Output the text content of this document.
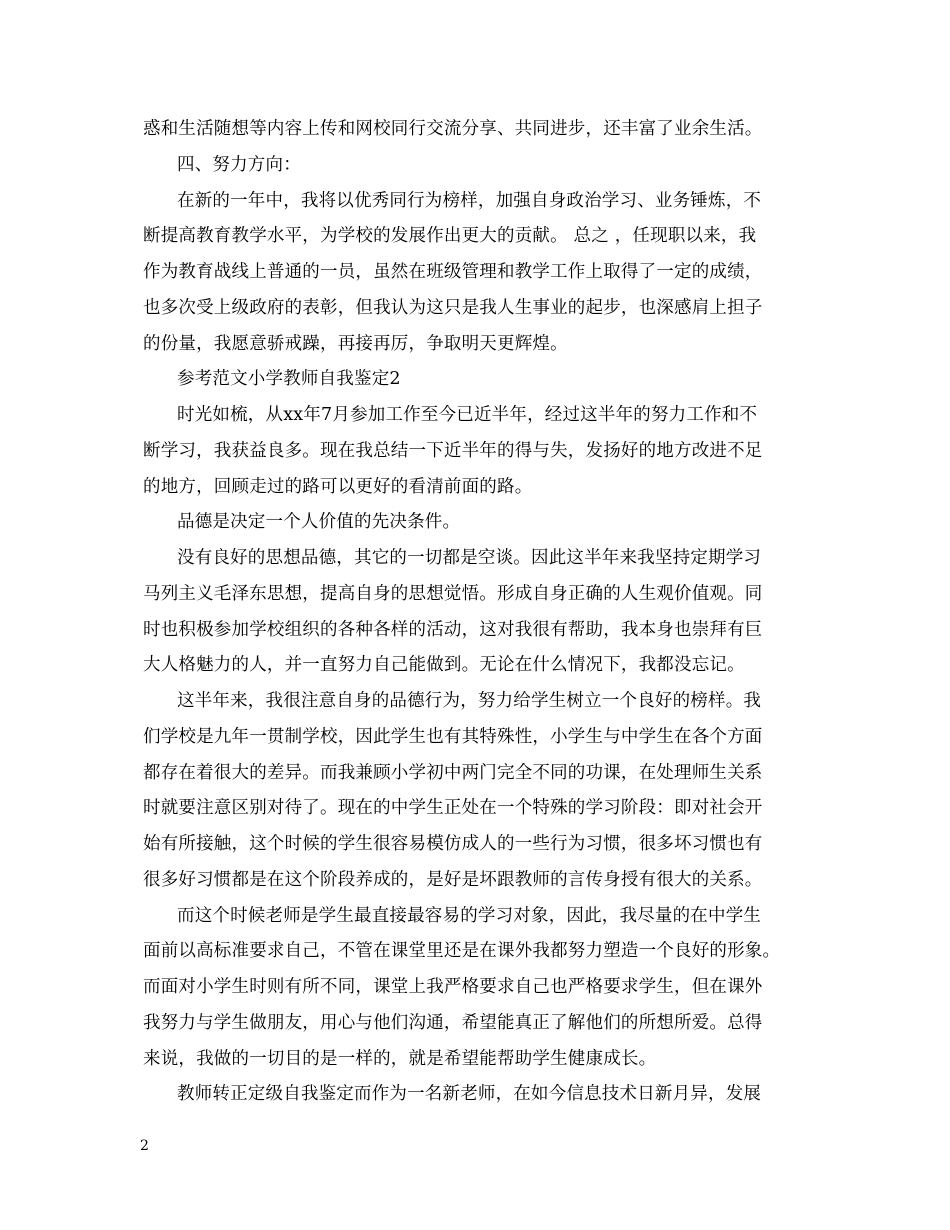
惑和生活随想等内容上传和网校同行交流分享、共同进步，还丰富了业余生活。
四、努力方向：
在新的一年中，我将以优秀同行为榜样，加强自身政治学习、业务锤炼，不
断提高教育教学水平，为学校的发展作出更大的贡献。 总之 ，任现职以来，我
作为教育战线上普通的一员，虽然在班级管理和教学工作上取得了一定的成绩，
也多次受上级政府的表彰，但我认为这只是我人生事业的起步，也深感肩上担子
的份量，我愿意骄戒躁，再接再厉，争取明天更辉煌。
参考范文小学教师自我鉴定2
时光如梳，从xx年7月参加工作至今已近半年，经过这半年的努力工作和不
断学习，我获益良多。现在我总结一下近半年的得与失，发扬好的地方改进不足
的地方，回顾走过的路可以更好的看清前面的路。
品德是决定一个人价值的先决条件。
没有良好的思想品德，其它的一切都是空谈。因此这半年来我坚持定期学习
马列主义毛泽东思想，提高自身的思想觉悟。形成自身正确的人生观价值观。同
时也积极参加学校组织的各种各样的活动，这对我很有帮助，我本身也崇拜有巨
大人格魅力的人，并一直努力自己能做到。无论在什么情况下，我都没忘记。
这半年来，我很注意自身的品德行为，努力给学生树立一个良好的榜样。我
们学校是九年一贯制学校，因此学生也有其特殊性，小学生与中学生在各个方面
都存在着很大的差异。而我兼顾小学初中两门完全不同的功课，在处理师生关系
时就要注意区别对待了。现在的中学生正处在一个特殊的学习阶段：即对社会开
始有所接触，这个时候的学生很容易模仿成人的一些行为习惯，很多坏习惯也有
很多好习惯都是在这个阶段养成的，是好是坏跟教师的言传身授有很大的关系。
而这个时候老师是学生最直接最容易的学习对象，因此，我尽量的在中学生
面前以高标准要求自己，不管在课堂里还是在课外我都努力塑造一个良好的形象。
而面对小学生时则有所不同，课堂上我严格要求自己也严格要求学生，但在课外
我努力与学生做朋友，用心与他们沟通，希望能真正了解他们的所想所爱。总得
来说，我做的一切目的是一样的，就是希望能帮助学生健康成长。
教师转正定级自我鉴定而作为一名新老师，在如今信息技术日新月异，发展
2
